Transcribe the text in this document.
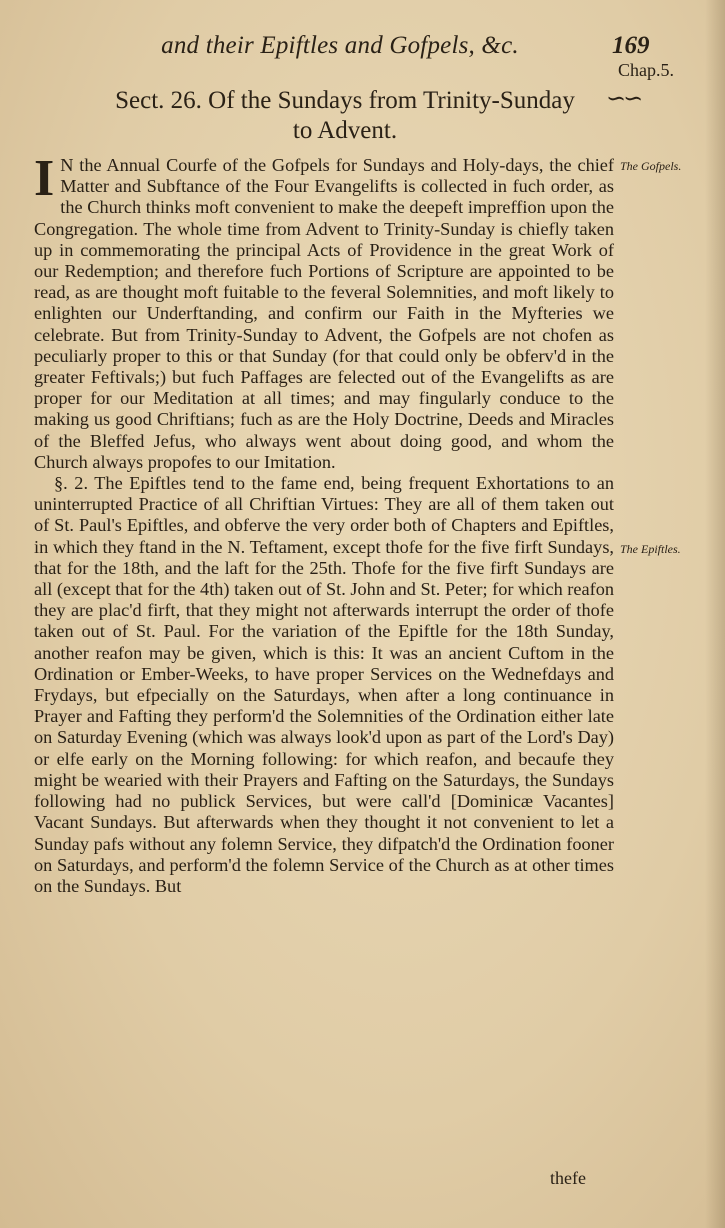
and their Epiftles and Gofpels, &c.	169
Chap.5.
∽∽
Sect. 26. Of the Sundays from Trinity-Sunday
to Advent.
The Gofpels.
The Epiftles.

I N the Annual Courfe of the Gofpels for Sundays and Holy-days, the chief Matter and Subftance of the Four Evangelifts is collected in fuch order, as the Church thinks moft convenient to make the deepeft impreffion upon the Congregation. The whole time from Advent to Trinity-Sunday is chiefly taken up in commemorating the principal Acts of Providence in the great Work of our Redemption; and therefore fuch Portions of Scripture are appointed to be read, as are thought moft fuitable to the feveral Solemnities, and moft likely to enlighten our Underftanding, and confirm our Faith in the Myfteries we celebrate. But from Trinity-Sunday to Advent, the Gofpels are not chofen as peculiarly proper to this or that Sunday (for that could only be obferv'd in the greater Feftivals;) but fuch Paffages are felected out of the Evangelifts as are proper for our Meditation at all times; and may fingularly conduce to the making us good Chriftians; fuch as are the Holy Doctrine, Deeds and Miracles of the Bleffed Jefus, who always went about doing good, and whom the Church always propofes to our Imitation.

§. 2. The Epiftles tend to the fame end, being frequent Exhortations to an uninterrupted Practice of all Chriftian Virtues: They are all of them taken out of St. Paul's Epiftles, and obferve the very order both of Chapters and Epiftles, in which they ftand in the N. Teftament, except thofe for the five firft Sundays, that for the 18th, and the laft for the 25th. Thofe for the five firft Sundays are all (except that for the 4th) taken out of St. John and St. Peter; for which reafon they are plac'd firft, that they might not afterwards interrupt the order of thofe taken out of St. Paul. For the variation of the Epiftle for the 18th Sunday, another reafon may be given, which is this: It was an ancient Cuftom in the Ordination or Ember-Weeks, to have proper Services on the Wednefdays and Frydays, but efpecially on the Saturdays, when after a long continuance in Prayer and Fafting they perform'd the Solemnities of the Ordination either late on Saturday Evening (which was always look'd upon as part of the Lord's Day) or elfe early on the Morning following: for which reafon, and becaufe they might be wearied with their Prayers and Fafting on the Saturdays, the Sundays following had no publick Services, but were call'd [Dominicæ Vacantes] Vacant Sundays. But afterwards when they thought it not convenient to let a Sunday pafs without any folemn Service, they difpatch'd the Ordination fooner on Saturdays, and perform'd the folemn Service of the Church as at other times on the Sundays. But

thefe
